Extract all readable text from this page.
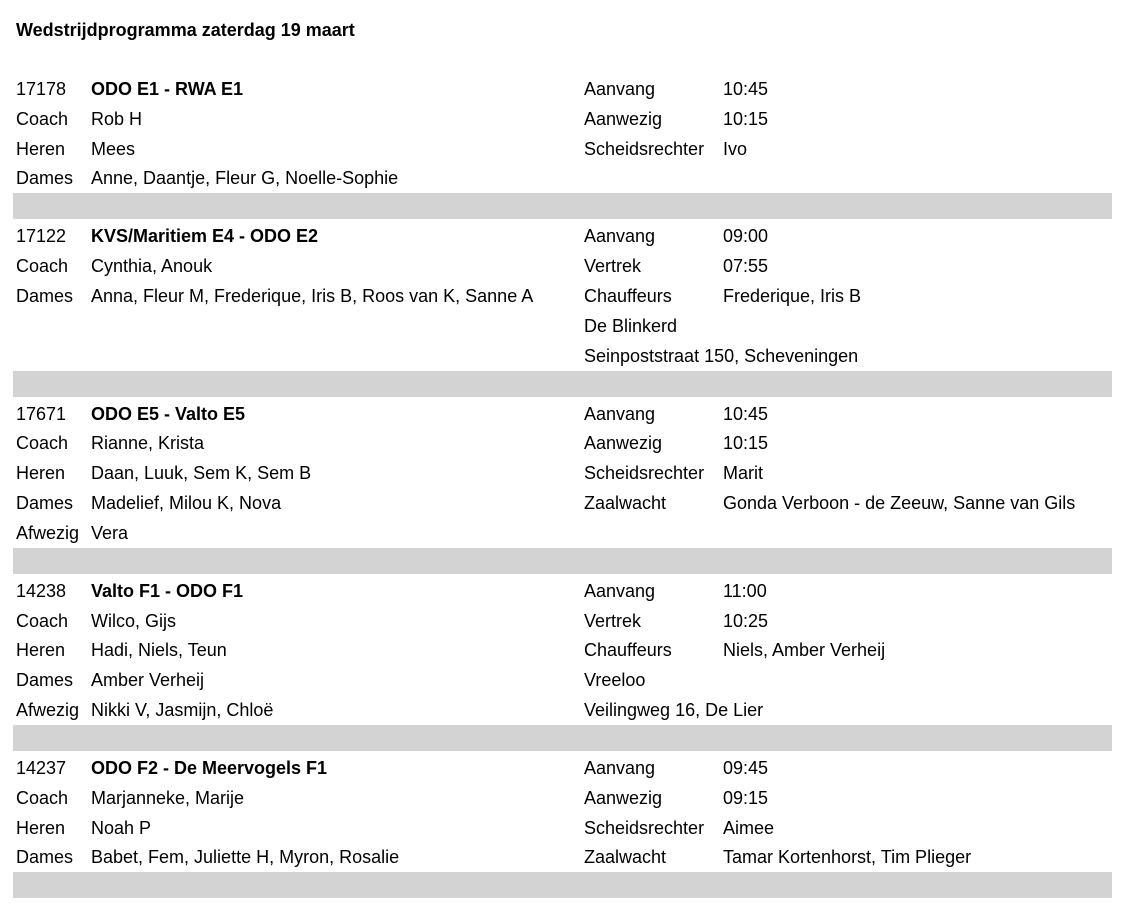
Wedstrijdprogramma zaterdag 19 maart
17178 ODO E1 - RWA E1	Aanvang	10:45
Coach Rob H	Aanwezig	10:15
Heren Mees	Scheidsrechter Ivo
Dames Anne, Daantje, Fleur G, Noelle-Sophie
17122 KVS/Maritiem E4 - ODO E2	Aanvang	09:00
Coach Cynthia, Anouk	Vertrek	07:55
Dames Anna, Fleur M, Frederique, Iris B, Roos van K, Sanne A	Chauffeurs	Frederique, Iris B
De Blinkerd
Seinpoststraat 150, Scheveningen
17671 ODO E5 - Valto E5	Aanvang	10:45
Coach Rianne, Krista	Aanwezig	10:15
Heren Daan, Luuk, Sem K, Sem B	Scheidsrechter Marit
Dames Madelief, Milou K, Nova	Zaalwacht	Gonda Verboon - de Zeeuw, Sanne van Gils
Afwezig Vera
14238 Valto F1 - ODO F1	Aanvang	11:00
Coach Wilco, Gijs	Vertrek	10:25
Heren Hadi, Niels, Teun	Chauffeurs	Niels, Amber Verheij
Dames Amber Verheij	Vreeloo
Afwezig Nikki V, Jasmijn, Chloë	Veilingweg 16, De Lier
14237 ODO F2 - De Meervogels F1	Aanvang	09:45
Coach Marjanneke, Marije	Aanwezig	09:15
Heren Noah P	Scheidsrechter Aimee
Dames Babet, Fem, Juliette H, Myron, Rosalie	Zaalwacht	Tamar Kortenhorst, Tim Plieger
